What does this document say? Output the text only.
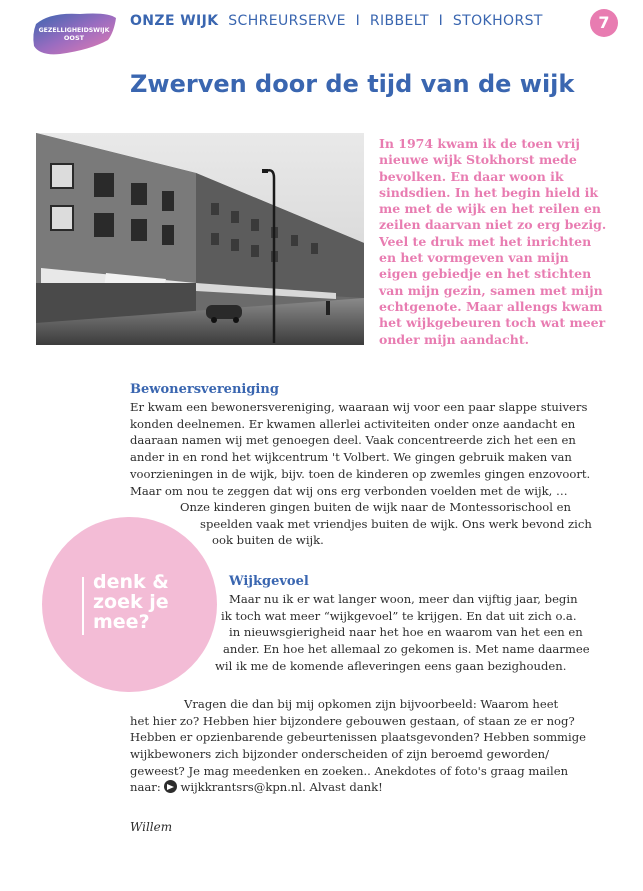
GEZELLIGHEIDSWIJK
OOST
ONZE WIJK SCHREURSERVE  I  RIBBELT  I  STOKHORST	7
Zwerven door de tijd van de wijk
In 1974 kwam ik de toen vrij
nieuwe wijk Stokhorst mede
bevolken. En daar woon ik
sindsdien. In het begin hield ik
me met de wijk en het reilen en
zeilen daarvan niet zo erg bezig.
Veel te druk met het inrichten
en het vormgeven van mijn
eigen gebiedje en het stichten
van mijn gezin, samen met mijn
echtgenote. Maar allengs kwam
het wijkgebeuren toch wat meer
onder mijn aandacht.
Bewonersvereniging
Er kwam een bewonersvereniging, waaraan wij voor een paar slappe stuivers
konden deelnemen. Er kwamen allerlei activiteiten onder onze aandacht en
daaraan namen wij met genoegen deel. Vaak concentreerde zich het een en
ander in en rond het wijkcentrum 't Volbert. We gingen gebruik maken van
voorzieningen in de wijk, bijv. toen de kinderen op zwemles gingen enzovoort.
Maar om nou te zeggen dat wij ons erg verbonden voelden met de wijk, …
Onze kinderen gingen buiten de wijk naar de Montessorischool en
speelden vaak met vriendjes buiten de wijk. Ons werk bevond zich
ook buiten de wijk.
denk &
zoek je
mee?
Wijkgevoel
Maar nu ik er wat langer woon, meer dan vijftig jaar, begin
ik toch wat meer “wijkgevoel” te krijgen. En dat uit zich o.a.
in nieuwsgierigheid naar het hoe en waarom van het een en
ander. En hoe het allemaal zo gekomen is. Met name daarmee
wil ik me de komende afleveringen eens gaan bezighouden.
Vragen die dan bij mij opkomen zijn bijvoorbeeld: Waarom heet
het hier zo? Hebben hier bijzondere gebouwen gestaan, of staan ze er nog?
Hebben er opzienbarende gebeurtenissen plaatsgevonden? Hebben sommige
wijkbewoners zich bijzonder onderscheiden of zijn beroemd geworden/
geweest? Je mag meedenken en zoeken.. Anekdotes of foto's graag mailen
naar: wijkkrantsrs@kpn.nl. Alvast dank!
Willem
